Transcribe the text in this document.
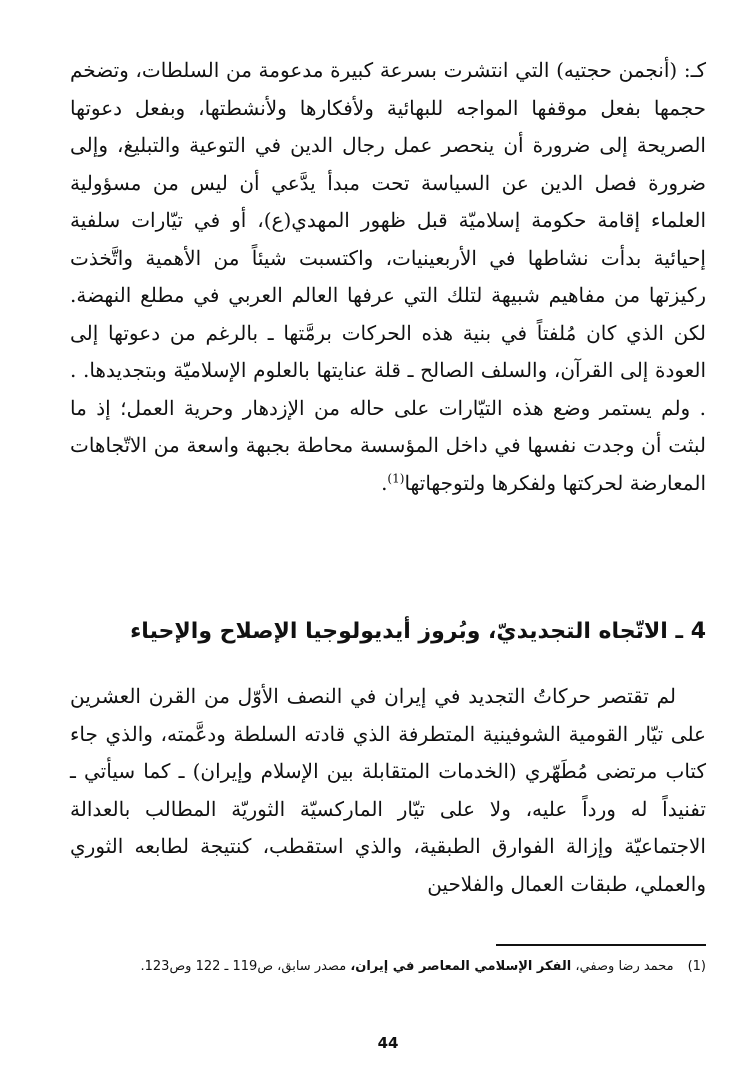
كـ: (أنجمن حجتيه) التي انتشرت بسرعة كبيرة مدعومة من السلطات، وتضخم حجمها بفعل موقفها المواجه للبهائية ولأفكارها ولأنشطتها، وبفعل دعوتها الصريحة إلى ضرورة أن ينحصر عمل رجال الدين في التوعية والتبليغ، وإلى ضرورة فصل الدين عن السياسة تحت مبدأ يدَّعي أن ليس من مسؤولية العلماء إقامة حكومة إسلاميّة قبل ظهور المهدي(ع)، أو في تيّارات سلفية إحيائية بدأت نشاطها في الأربعينيات، واكتسبت شيئاً من الأهمية واتَّخذت ركيزتها من مفاهيم شبيهة لتلك التي عرفها العالم العربي في مطلع النهضة. لكن الذي كان مُلفتاً في بنية هذه الحركات برمَّتها ـ بالرغم من دعوتها إلى العودة إلى القرآن، والسلف الصالح ـ قلة عنايتها بالعلوم الإسلاميّة وبتجديدها. . . ولم يستمر وضع هذه التيّارات على حاله من الإزدهار وحرية العمل؛ إذ ما لبثت أن وجدت نفسها في داخل المؤسسة محاطة بجبهة واسعة من الاتّجاهات المعارضة لحركتها ولفكرها ولتوجهاتها$^{(1)}$.

4 ـ الاتّجاه التجديديّ، وبُروز أيديولوجيا الإصلاح والإحياء

لم تقتصر حركاتُ التجديد في إيران في النصف الأوّل من القرن العشرين على تيّار القومية الشوفينية المتطرفة الذي قادته السلطة ودعَّمته، والذي جاء كتاب مرتضى مُطَهّري (الخدمات المتقابلة بين الإسلام وإيران) ـ كما سيأتي ـ تفنيداً له ورداً عليه، ولا على تيّار الماركسيّة الثوريّة المطالب بالعدالة الاجتماعيّة وإزالة الفوارق الطبقية، والذي استقطب، كنتيجة لطابعه الثوري والعملي، طبقات العمال والفلاحين

(1)محمد رضا وصفي، الفكر الإسلامي المعاصر في إيران، مصدر سابق، ص119 ـ 122 وص123.

44
